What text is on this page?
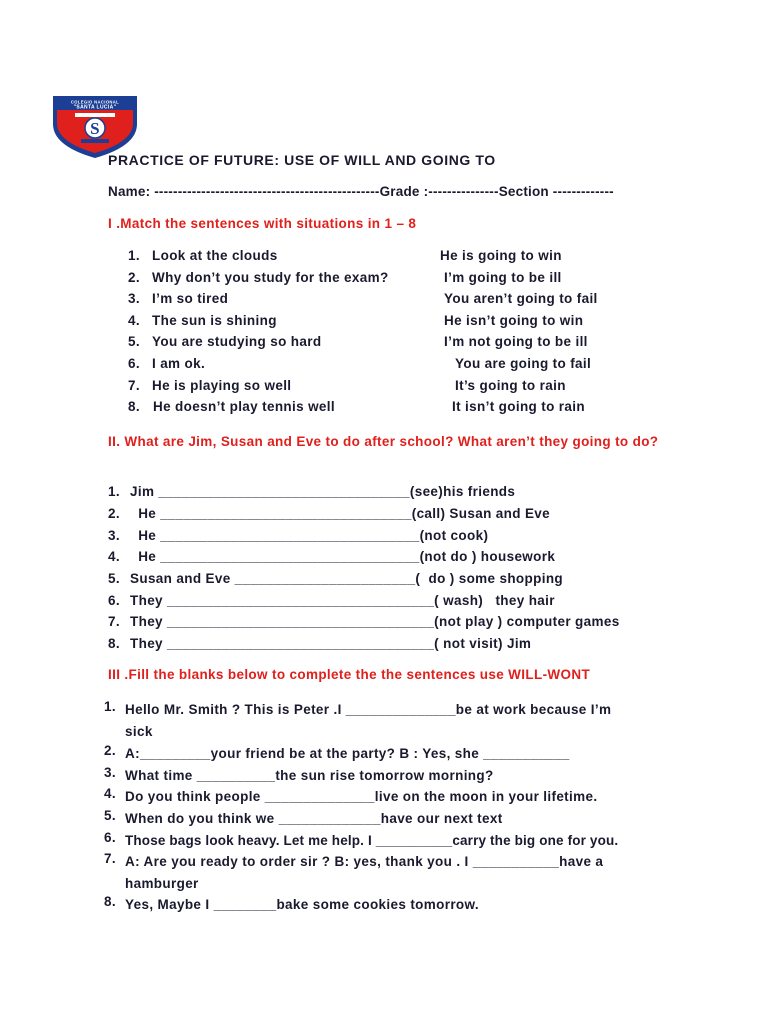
COLEGIO NACIONAL
"SANTA LUCIA"
S
PRACTICE OF FUTURE: USE OF WILL AND GOING TO
Name: ------------------------------------------------Grade :---------------Section -------------
I .Match the sentences with situations in 1 – 8
1. Look at the clouds	He is going to win
2. Why don’t you study for the exam?	I’m going to be ill
3. I’m so tired	You aren’t going to fail
4. The sun is shining	He isn’t going to win
5. You are studying so hard	I’m not going to be ill
6. I am ok.	You are going to fail
7. He is playing so well	It’s going to rain
8. He doesn’t play tennis well	It isn’t going to rain
II. What are Jim, Susan and Eve to do after school? What aren’t they going to do?
1. Jim ________________________________(see)his friends
2. He ________________________________(call) Susan and Eve
3. He _________________________________(not cook)
4. He _________________________________(not do ) housework
5. Susan and Eve _______________________(  do ) some shopping
6. They __________________________________( wash)   they hair
7. They __________________________________(not play ) computer games
8. They __________________________________( not visit) Jim
III .Fill the blanks below to complete the the sentences use WILL-WONT
1. Hello Mr. Smith ? This is Peter .I ______________be at work because I’m
sick
2. A:_________your friend be at the party? B : Yes, she ___________
3. What time __________the sun rise tomorrow morning?
4. Do you think people ______________live on the moon in your lifetime.
5. When do you think we _____________have our next text
6. Those bags look heavy. Let me help. I __________carry the big one for you.
7. A: Are you ready to order sir ? B: yes, thank you . I ___________have a
hamburger
8. Yes, Maybe I ________bake some cookies tomorrow.
